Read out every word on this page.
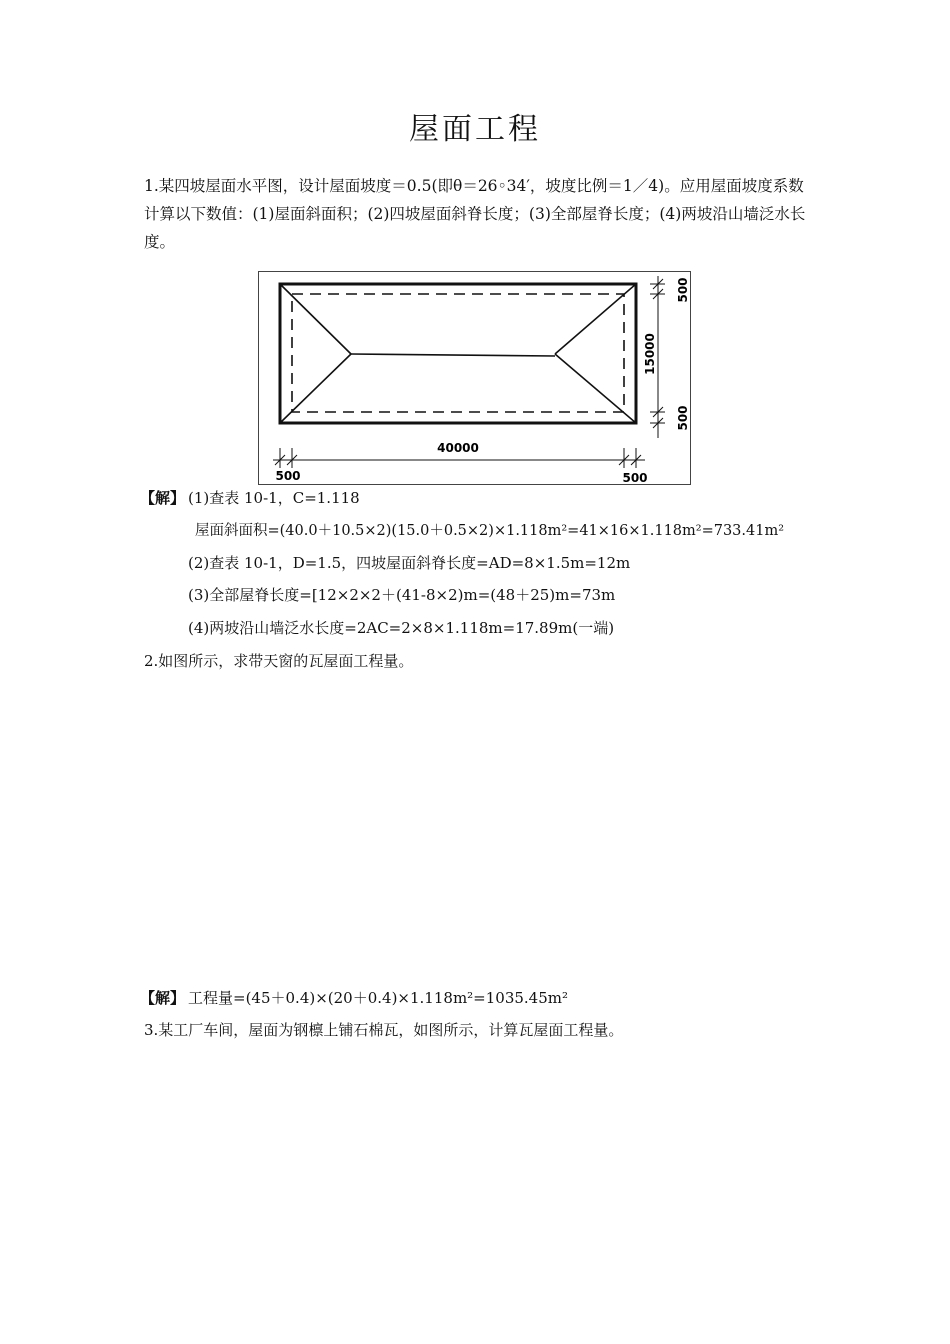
屋面工程
1.某四坡屋面水平图，设计屋面坡度＝0.5(即θ＝26◦34′，坡度比例＝1／4)。应用屋面坡度系数计算以下数值：(1)屋面斜面积；(2)四坡屋面斜脊长度；(3)全部屋脊长度；(4)两坡沿山墙泛水长度。
500
15000
500
40000
500	500
【解】 (1)查表 10-1，C=1.118
屋面斜面积=(40.0＋10.5×2)(15.0＋0.5×2)×1.118m²=41×16×1.118m²=733.41m²
(2)查表 10-1，D=1.5，四坡屋面斜脊长度=AD=8×1.5m=12m
(3)全部屋脊长度=[12×2×2＋(41-8×2)m=(48＋25)m=73m
(4)两坡沿山墙泛水长度=2AC=2×8×1.118m=17.89m(一端)
2.如图所示，求带天窗的瓦屋面工程量。
【解】 工程量=(45＋0.4)×(20＋0.4)×1.118m²=1035.45m²
3.某工厂车间，屋面为钢檩上铺石棉瓦，如图所示，计算瓦屋面工程量。
